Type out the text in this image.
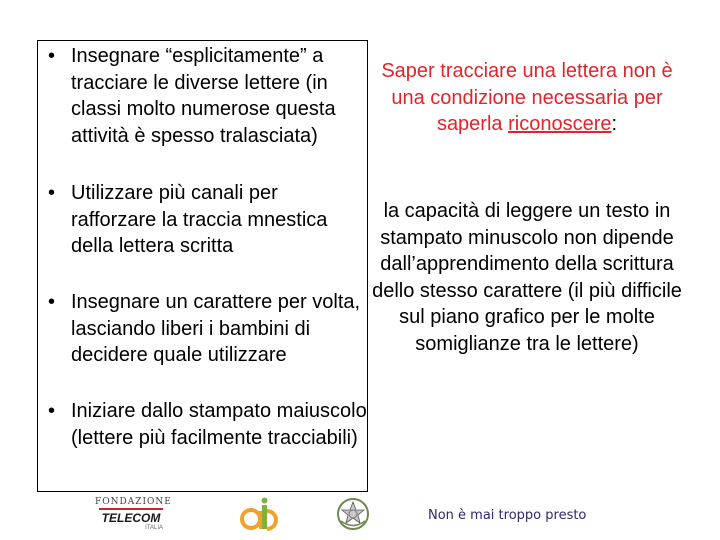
• Insegnare “esplicitamente” a tracciare le diverse lettere (in classi molto numerose questa attività è spesso tralasciata)
• Utilizzare più canali per rafforzare la traccia mnestica della lettera scritta
• Insegnare un carattere per volta, lasciando liberi i bambini di decidere quale utilizzare
• Iniziare dallo stampato maiuscolo (lettere più facilmente tracciabili)
Saper tracciare una lettera non è una condizione necessaria per saperla riconoscere:
la capacità di leggere un testo in stampato minuscolo non dipende dall’apprendimento della scrittura dello stesso carattere (il più difficile sul piano grafico per le molte somiglianze tra le lettere)
FONDAZIONE
TELECOM
ITALIA
Non è mai troppo presto
